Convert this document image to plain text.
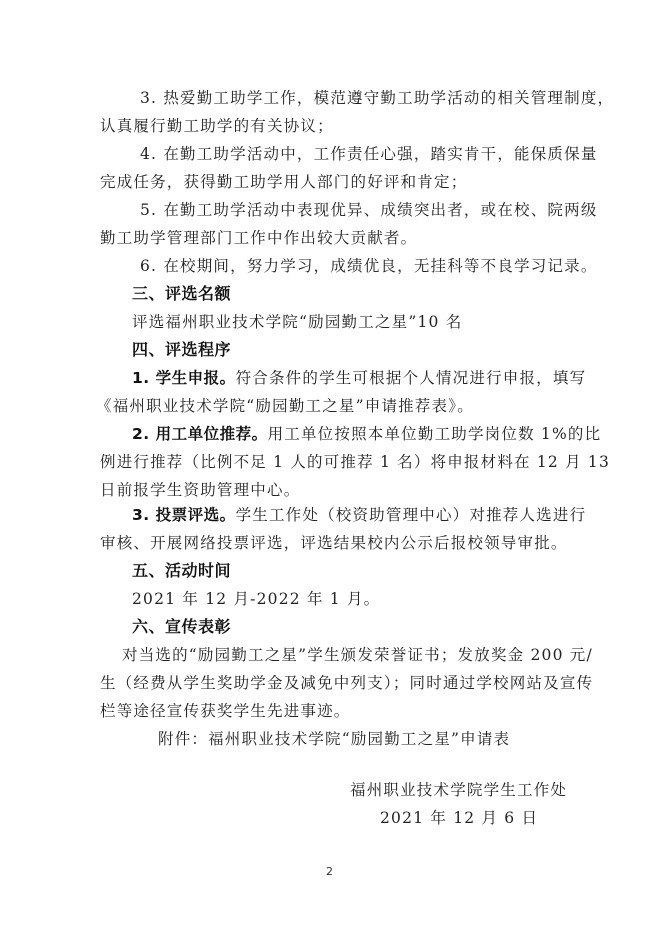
3. 热爱勤工助学工作，模范遵守勤工助学活动的相关管理制度，
认真履行勤工助学的有关协议；
4. 在勤工助学活动中，工作责任心强，踏实肯干，能保质保量
完成任务，获得勤工助学用人部门的好评和肯定；
5. 在勤工助学活动中表现优异、成绩突出者，或在校、院两级
勤工助学管理部门工作中作出较大贡献者。
6. 在校期间，努力学习，成绩优良，无挂科等不良学习记录。
三、评选名额
评选福州职业技术学院“励园勤工之星”10 名
四、评选程序
1. 学生申报。符合条件的学生可根据个人情况进行申报，填写
《福州职业技术学院“励园勤工之星”申请推荐表》。
2. 用工单位推荐。用工单位按照本单位勤工助学岗位数 1%的比
例进行推荐（比例不足 1 人的可推荐 1 名）将申报材料在 12 月 13
日前报学生资助管理中心。
3. 投票评选。学生工作处（校资助管理中心）对推荐人选进行
审核、开展网络投票评选，评选结果校内公示后报校领导审批。
五、活动时间
2021 年 12 月-2022 年 1 月。
六、宣传表彰
对当选的“励园勤工之星”学生颁发荣誉证书；发放奖金 200 元/
生（经费从学生奖助学金及减免中列支）；同时通过学校网站及宣传
栏等途径宣传获奖学生先进事迹。
附件：福州职业技术学院“励园勤工之星”申请表
福州职业技术学院学生工作处
2021 年 12 月 6 日
2
